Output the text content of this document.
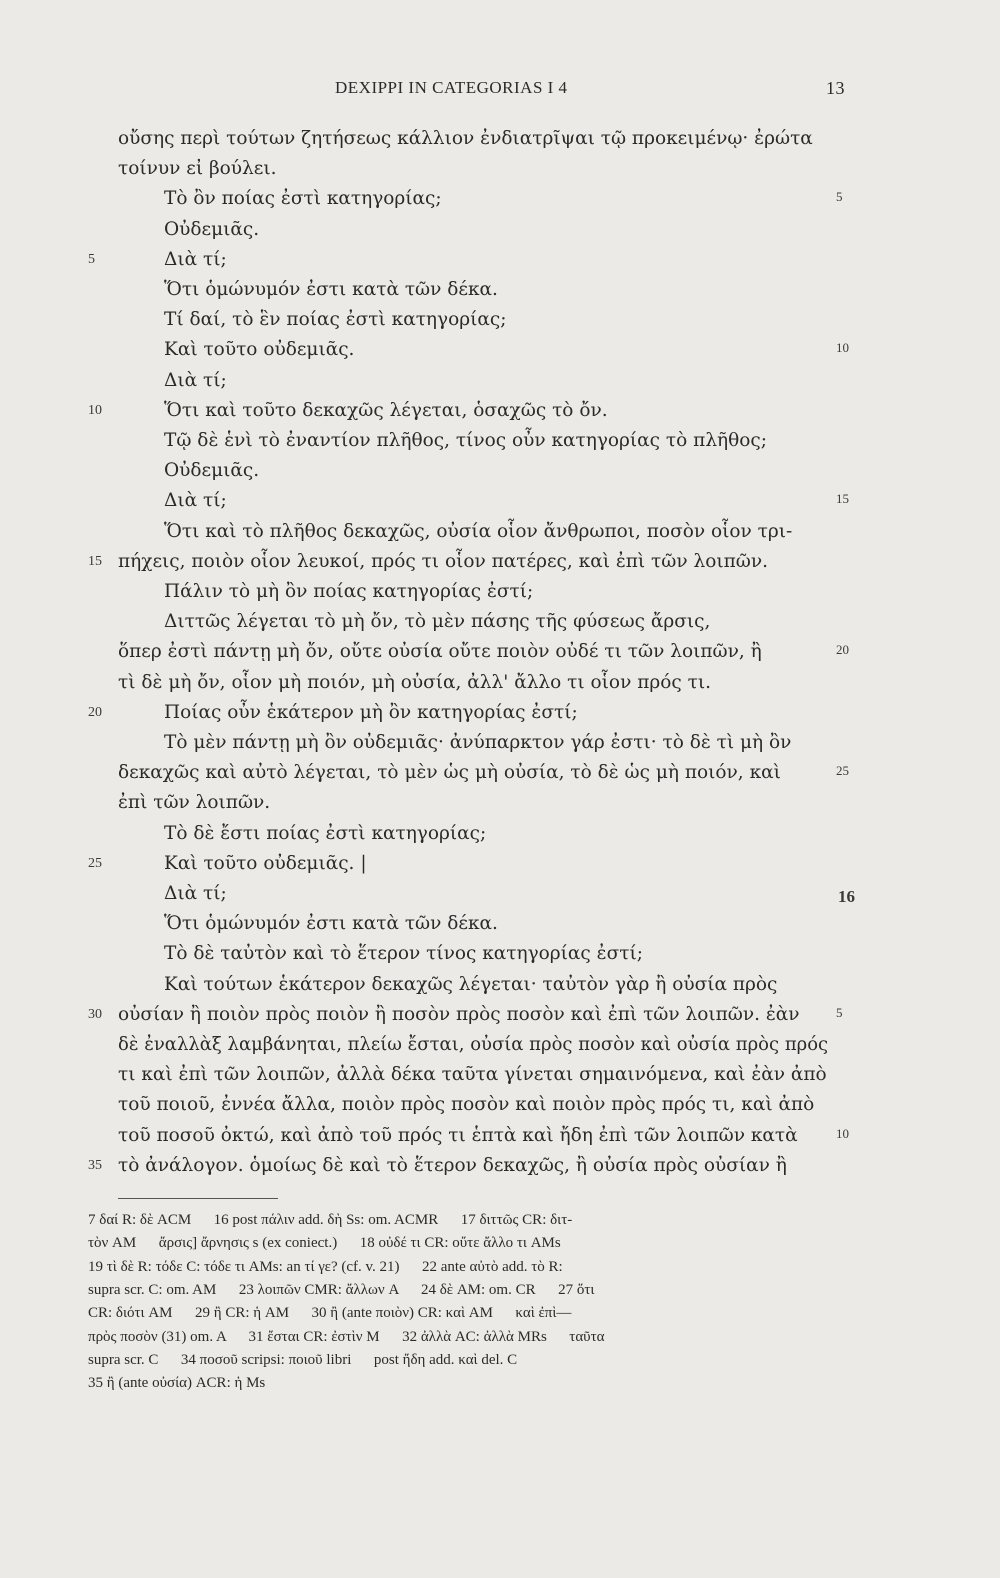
DEXIPPI IN CATEGORIAS I 4	13
οὔσης περὶ τούτων ζητήσεως κάλλιον ἐνδιατρῖψαι τῷ προκειμένῳ· ἐρώτα
τοίνυν εἰ βούλει.
Τὸ ὂν ποίας ἐστὶ κατηγορίας;	5
Οὐδεμιᾶς.
5	Διὰ τί;
Ὅτι ὁμώνυμόν ἐστι κατὰ τῶν δέκα.
Τί δαί, τὸ ἓν ποίας ἐστὶ κατηγορίας;
Καὶ τοῦτο οὐδεμιᾶς.	10
Διὰ τί;
10	Ὅτι καὶ τοῦτο δεκαχῶς λέγεται, ὁσαχῶς τὸ ὄν.
Τῷ δὲ ἑνὶ τὸ ἐναντίον πλῆθος, τίνος οὖν κατηγορίας τὸ πλῆθος;
Οὐδεμιᾶς.
Διὰ τί;	15
Ὅτι καὶ τὸ πλῆθος δεκαχῶς, οὐσία οἷον ἄνθρωποι, ποσὸν οἷον τρι-
15 πήχεις, ποιὸν οἷον λευκοί, πρός τι οἷον πατέρες, καὶ ἐπὶ τῶν λοιπῶν.
Πάλιν τὸ μὴ ὂν ποίας κατηγορίας ἐστί;
Διττῶς λέγεται τὸ μὴ ὄν, τὸ μὲν πάσης τῆς φύσεως ἄρσις,
ὅπερ ἐστὶ πάντῃ μὴ ὄν, οὔτε οὐσία οὔτε ποιὸν οὐδέ τι τῶν λοιπῶν, ἢ	20
τὶ δὲ μὴ ὄν, οἷον μὴ ποιόν, μὴ οὐσία, ἀλλ' ἄλλο τι οἷον πρός τι.
20	Ποίας οὖν ἑκάτερον μὴ ὂν κατηγορίας ἐστί;
Τὸ μὲν πάντῃ μὴ ὂν οὐδεμιᾶς· ἀνύπαρκτον γάρ ἐστι· τὸ δὲ τὶ μὴ ὂν
δεκαχῶς καὶ αὐτὸ λέγεται, τὸ μὲν ὡς μὴ οὐσία, τὸ δὲ ὡς μὴ ποιόν, καὶ	25
ἐπὶ τῶν λοιπῶν.
Τὸ δὲ ἔστι ποίας ἐστὶ κατηγορίας;
25	Καὶ τοῦτο οὐδεμιᾶς. |
Διὰ τί;	16
Ὅτι ὁμώνυμόν ἐστι κατὰ τῶν δέκα.
Τὸ δὲ ταὐτὸν καὶ τὸ ἕτερον τίνος κατηγορίας ἐστί;
Καὶ τούτων ἑκάτερον δεκαχῶς λέγεται· ταὐτὸν γὰρ ἢ οὐσία πρὸς
30 οὐσίαν ἢ ποιὸν πρὸς ποιὸν ἢ ποσὸν πρὸς ποσὸν καὶ ἐπὶ τῶν λοιπῶν. ἐὰν	5
δὲ ἐναλλὰξ λαμβάνηται, πλείω ἔσται, οὐσία πρὸς ποσὸν καὶ οὐσία πρὸς πρός
τι καὶ ἐπὶ τῶν λοιπῶν, ἀλλὰ δέκα ταῦτα γίνεται σημαινόμενα, καὶ ἐὰν ἀπὸ
τοῦ ποιοῦ, ἐννέα ἄλλα, ποιὸν πρὸς ποσὸν καὶ ποιὸν πρὸς πρός τι, καὶ ἀπὸ
τοῦ ποσοῦ ὀκτώ, καὶ ἀπὸ τοῦ πρός τι ἑπτὰ καὶ ἤδη ἐπὶ τῶν λοιπῶν κατὰ	10
35 τὸ ἀνάλογον. ὁμοίως δὲ καὶ τὸ ἕτερον δεκαχῶς, ἢ οὐσία πρὸς οὐσίαν ἢ
7 δαί R: δὲ ACM      16 post πάλιν add. δὴ Ss: om. ACMR      17 διττῶς CR: διτ-
τὸν AM      ἄρσις] ἄρνησις s (ex coniect.)      18 οὐδέ τι CR: οὔτε ἄλλο τι AMs
19 τὶ δὲ R: τόδε C: τόδε τι AMs: an τί γε? (cf. v. 21)      22 ante αὐτὸ add. τὸ R:
supra scr. C: om. AM      23 λοιπῶν CMR: ἄλλων A      24 δὲ AM: om. CR      27 ὅτι
CR: διότι AM      29 ἢ CR: ἡ AM      30 ἢ (ante ποιὸν) CR: καὶ AM      καὶ ἐπὶ—
πρὸς ποσὸν (31) om. A      31 ἔσται CR: ἐστὶν M      32 ἀλλὰ AC: ἀλλὰ MRs      ταῦτα
supra scr. C      34 ποσοῦ scripsi: ποιοῦ libri      post ἤδη add. καὶ del. C
35 ἢ (ante οὐσία) ACR: ἡ Ms
